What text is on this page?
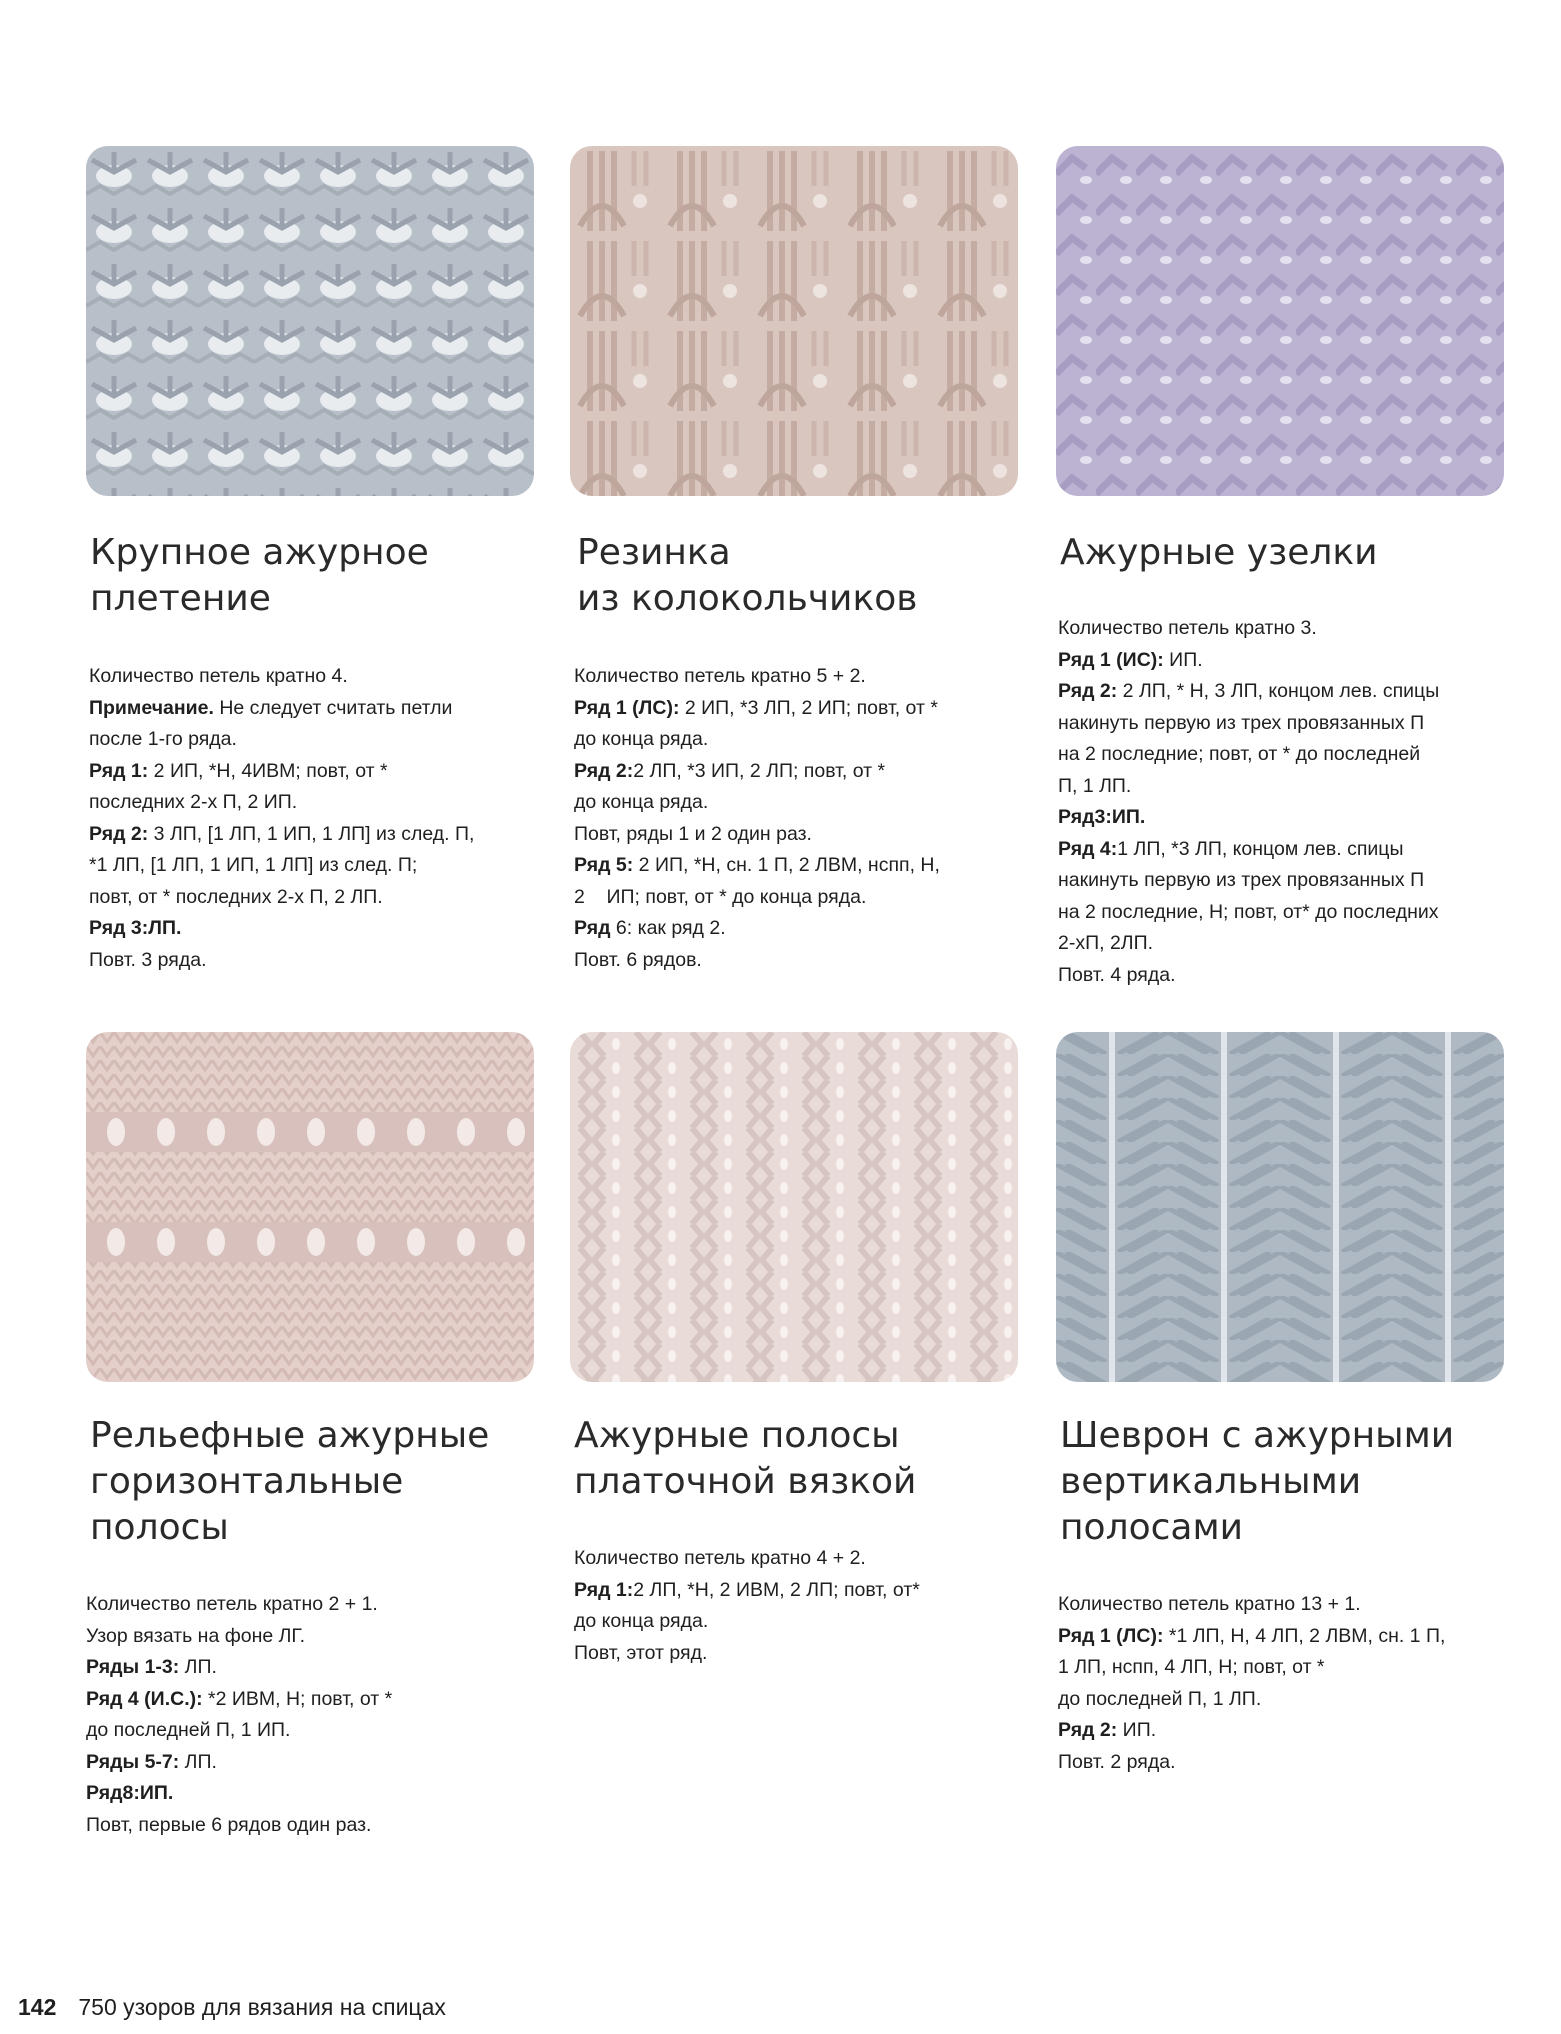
Крупное ажурное
плетение
Количество петель кратно 4.
Примечание. Не следует считать петли
после 1-го ряда.
Ряд 1: 2 ИП, *Н, 4ИВМ; повт, от *
последних 2-х П, 2 ИП.
Ряд 2: 3 ЛП, [1 ЛП, 1 ИП, 1 ЛП] из след. П,
*1 ЛП, [1 ЛП, 1 ИП, 1 ЛП] из след. П;
повт, от * последних 2-х П, 2 ЛП.
Ряд 3:ЛП.
Повт. 3 ряда.
Резинка
из колокольчиков
Количество петель кратно 5 + 2.
Ряд 1 (ЛС): 2 ИП, *3 ЛП, 2 ИП; повт, от *
до конца ряда.
Ряд 2:2 ЛП, *3 ИП, 2 ЛП; повт, от *
до конца ряда.
Повт, ряды 1 и 2 один раз.
Ряд 5: 2 ИП, *Н, сн. 1 П, 2 ЛВМ, нспп, Н,
2    ИП; повт, от * до конца ряда.
Ряд 6: как ряд 2.
Повт. 6 рядов.
Ажурные узелки
Количество петель кратно 3.
Ряд 1 (ИС): ИП.
Ряд 2: 2 ЛП, * Н, 3 ЛП, концом лев. спицы
накинуть первую из трех провязанных П
на 2 последние; повт, от * до последней
П, 1 ЛП.
Ряд3:ИП.
Ряд 4:1 ЛП, *3 ЛП, концом лев. спицы
накинуть первую из трех провязанных П
на 2 последние, Н; повт, от* до последних
2-хП, 2ЛП.
Повт. 4 ряда.
Рельефные ажурные
горизонтальные
полосы
Количество петель кратно 2 + 1.
Узор вязать на фоне ЛГ.
Ряды 1-3: ЛП.
Ряд 4 (И.С.): *2 ИВМ, Н; повт, от *
до последней П, 1 ИП.
Ряды 5-7: ЛП.
Ряд8:ИП.
Повт, первые 6 рядов один раз.
Ажурные полосы
платочной вязкой
Количество петель кратно 4 + 2.
Ряд 1:2 ЛП, *Н, 2 ИВМ, 2 ЛП; повт, от*
до конца ряда.
Повт, этот ряд.
Шеврон с ажурными
вертикальными
полосами
Количество петель кратно 13 + 1.
Ряд 1 (ЛС): *1 ЛП, Н, 4 ЛП, 2 ЛВМ, сн. 1 П,
1 ЛП, нспп, 4 ЛП, Н; повт, от *
до последней П, 1 ЛП.
Ряд 2: ИП.
Повт. 2 ряда.
142 750 узоров для вязания на спицах
